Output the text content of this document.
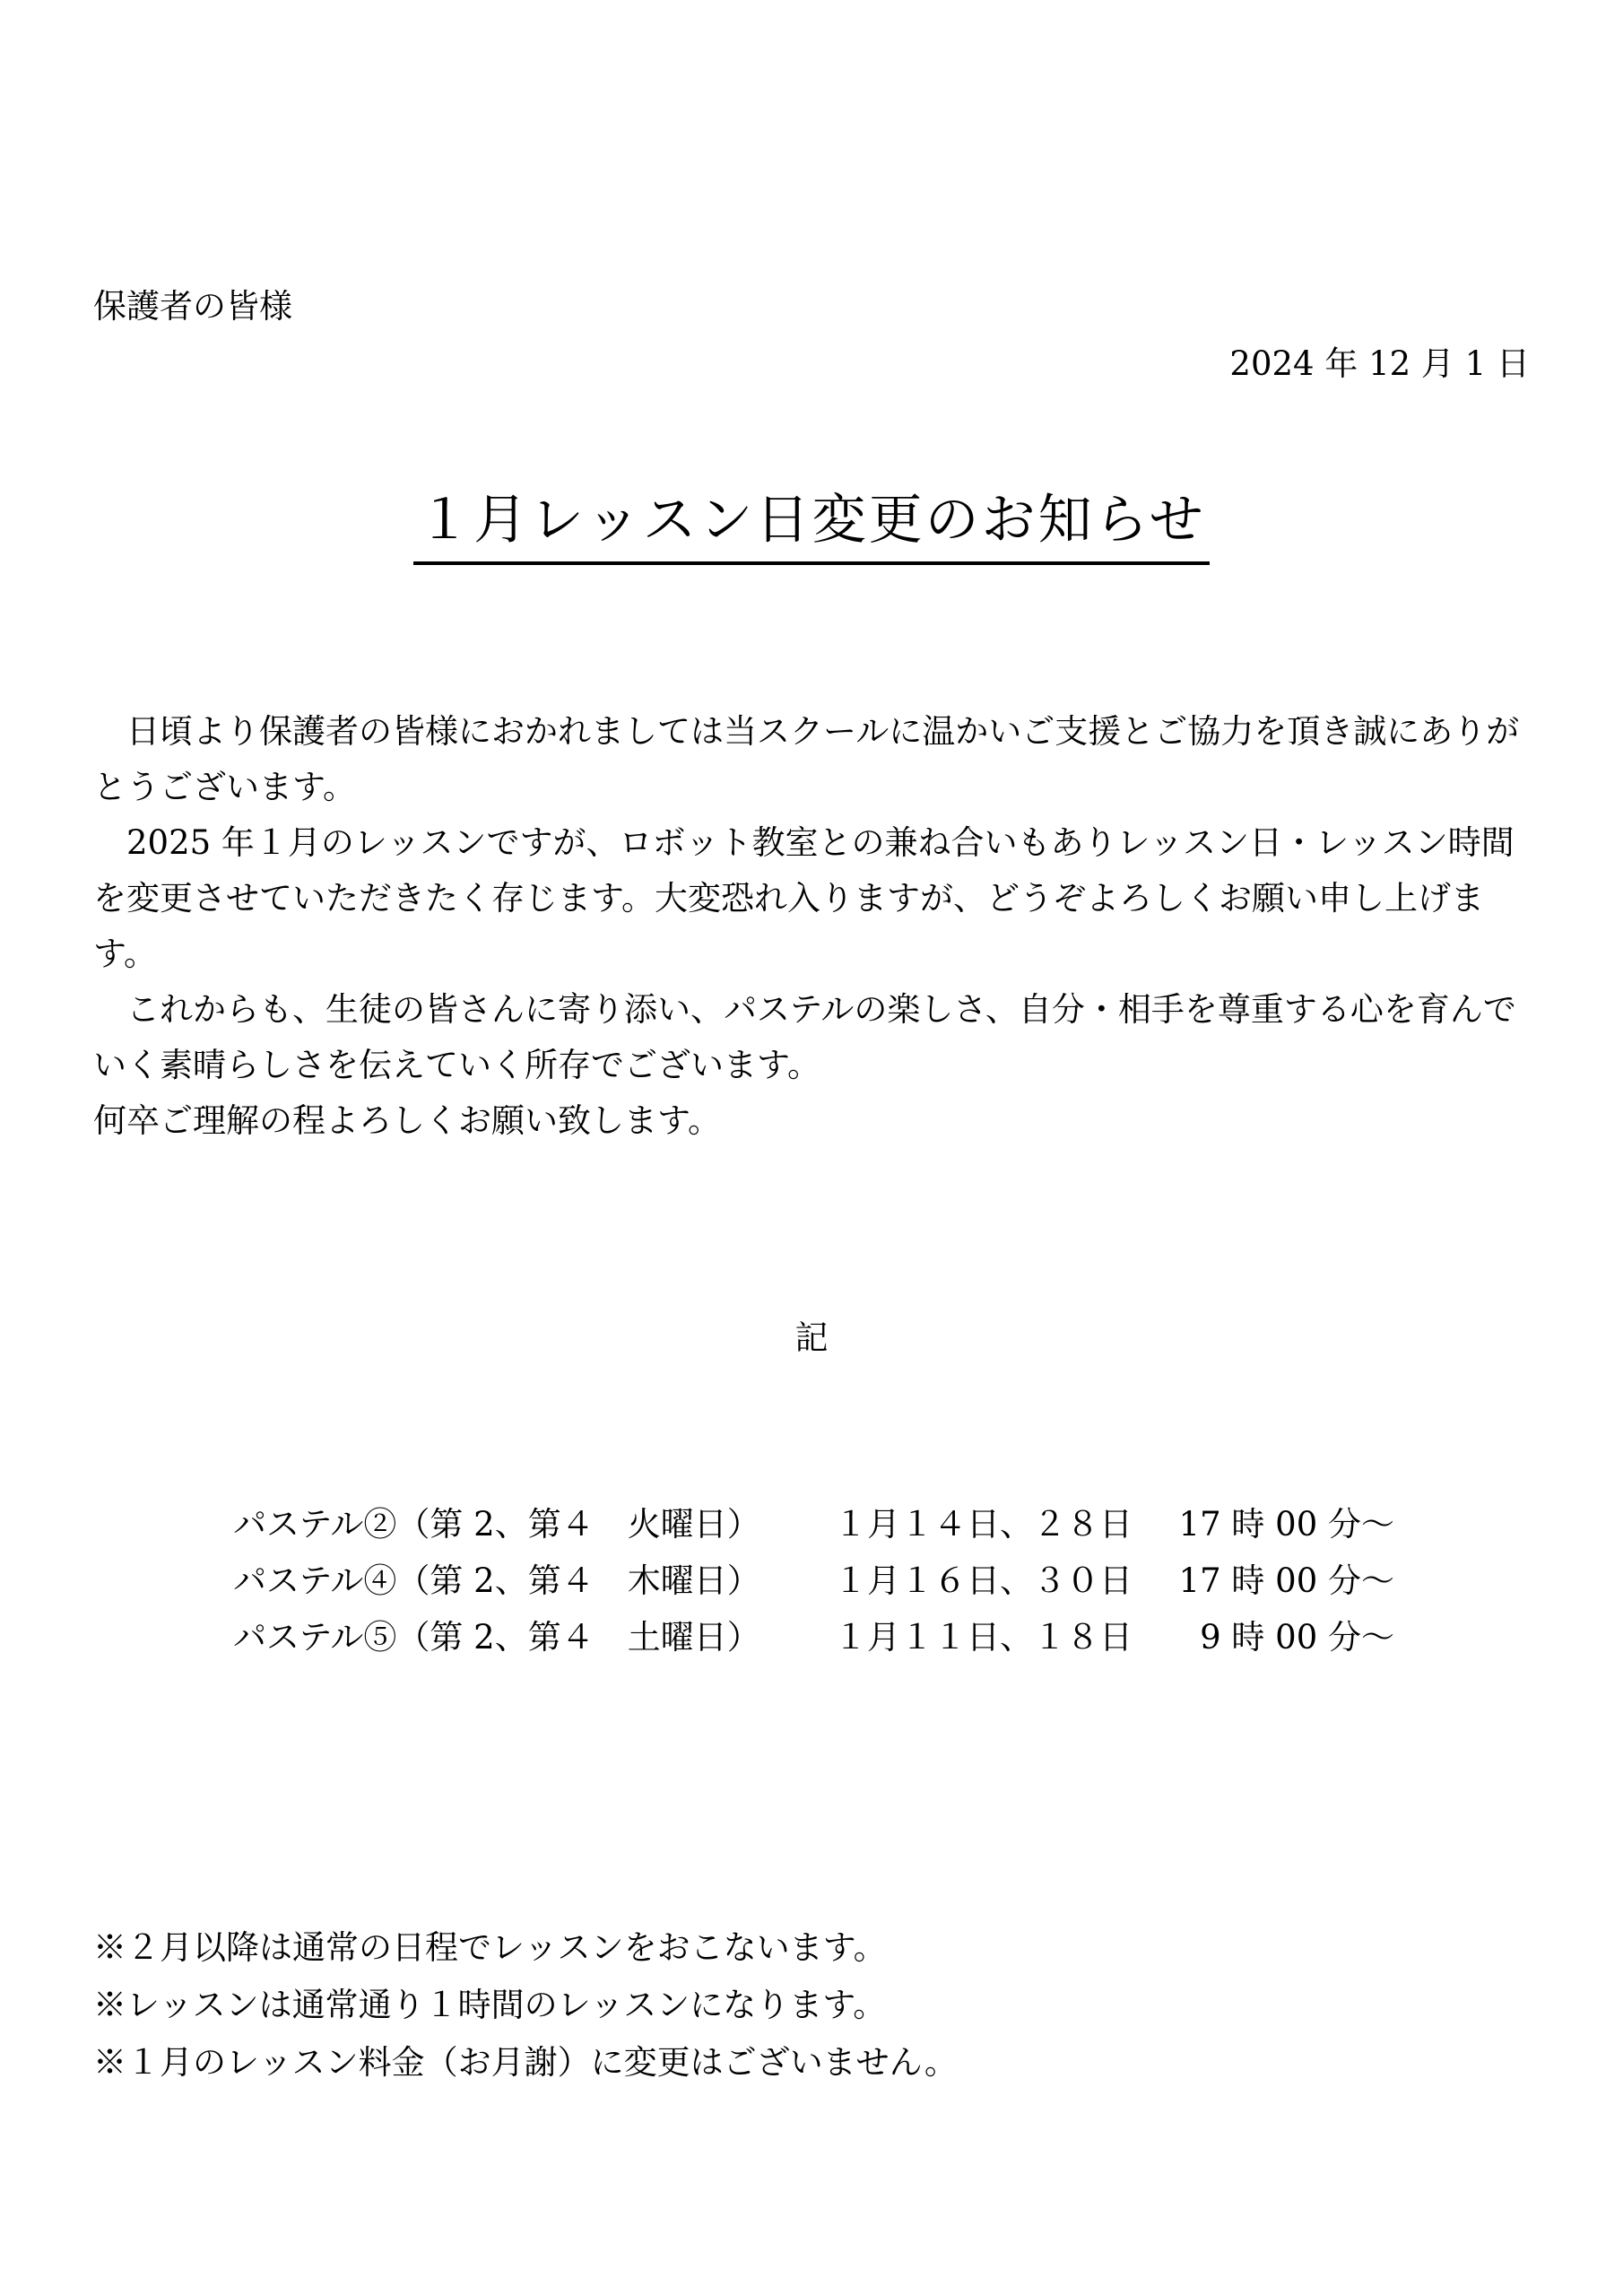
保護者の皆様
2024 年 12 月 1 日
１月レッスン日変更のお知らせ

日頃より保護者の皆様におかれましては当スクールに温かいご支援とご協力を頂き誠にありがとうございます。

2025 年１月のレッスンですが、ロボット教室との兼ね合いもありレッスン日・レッスン時間を変更させていただきたく存じます。大変恐れ入りますが、どうぞよろしくお願い申し上げます。

これからも、生徒の皆さんに寄り添い、パステルの楽しさ、自分・相手を尊重する心を育んでいく素晴らしさを伝えていく所存でございます。

何卒ご理解の程よろしくお願い致します。

記
パステル②（第 2、第４　火曜日）	１月１４日、２８日	17 時 00 分～
パステル④（第 2、第４　木曜日）	１月１６日、３０日	17 時 00 分～
パステル⑤（第 2、第４　土曜日）	１月１１日、１８日	9 時 00 分～

※２月以降は通常の日程でレッスンをおこないます。

※レッスンは通常通り１時間のレッスンになります。

※１月のレッスン料金（お月謝）に変更はございません。
